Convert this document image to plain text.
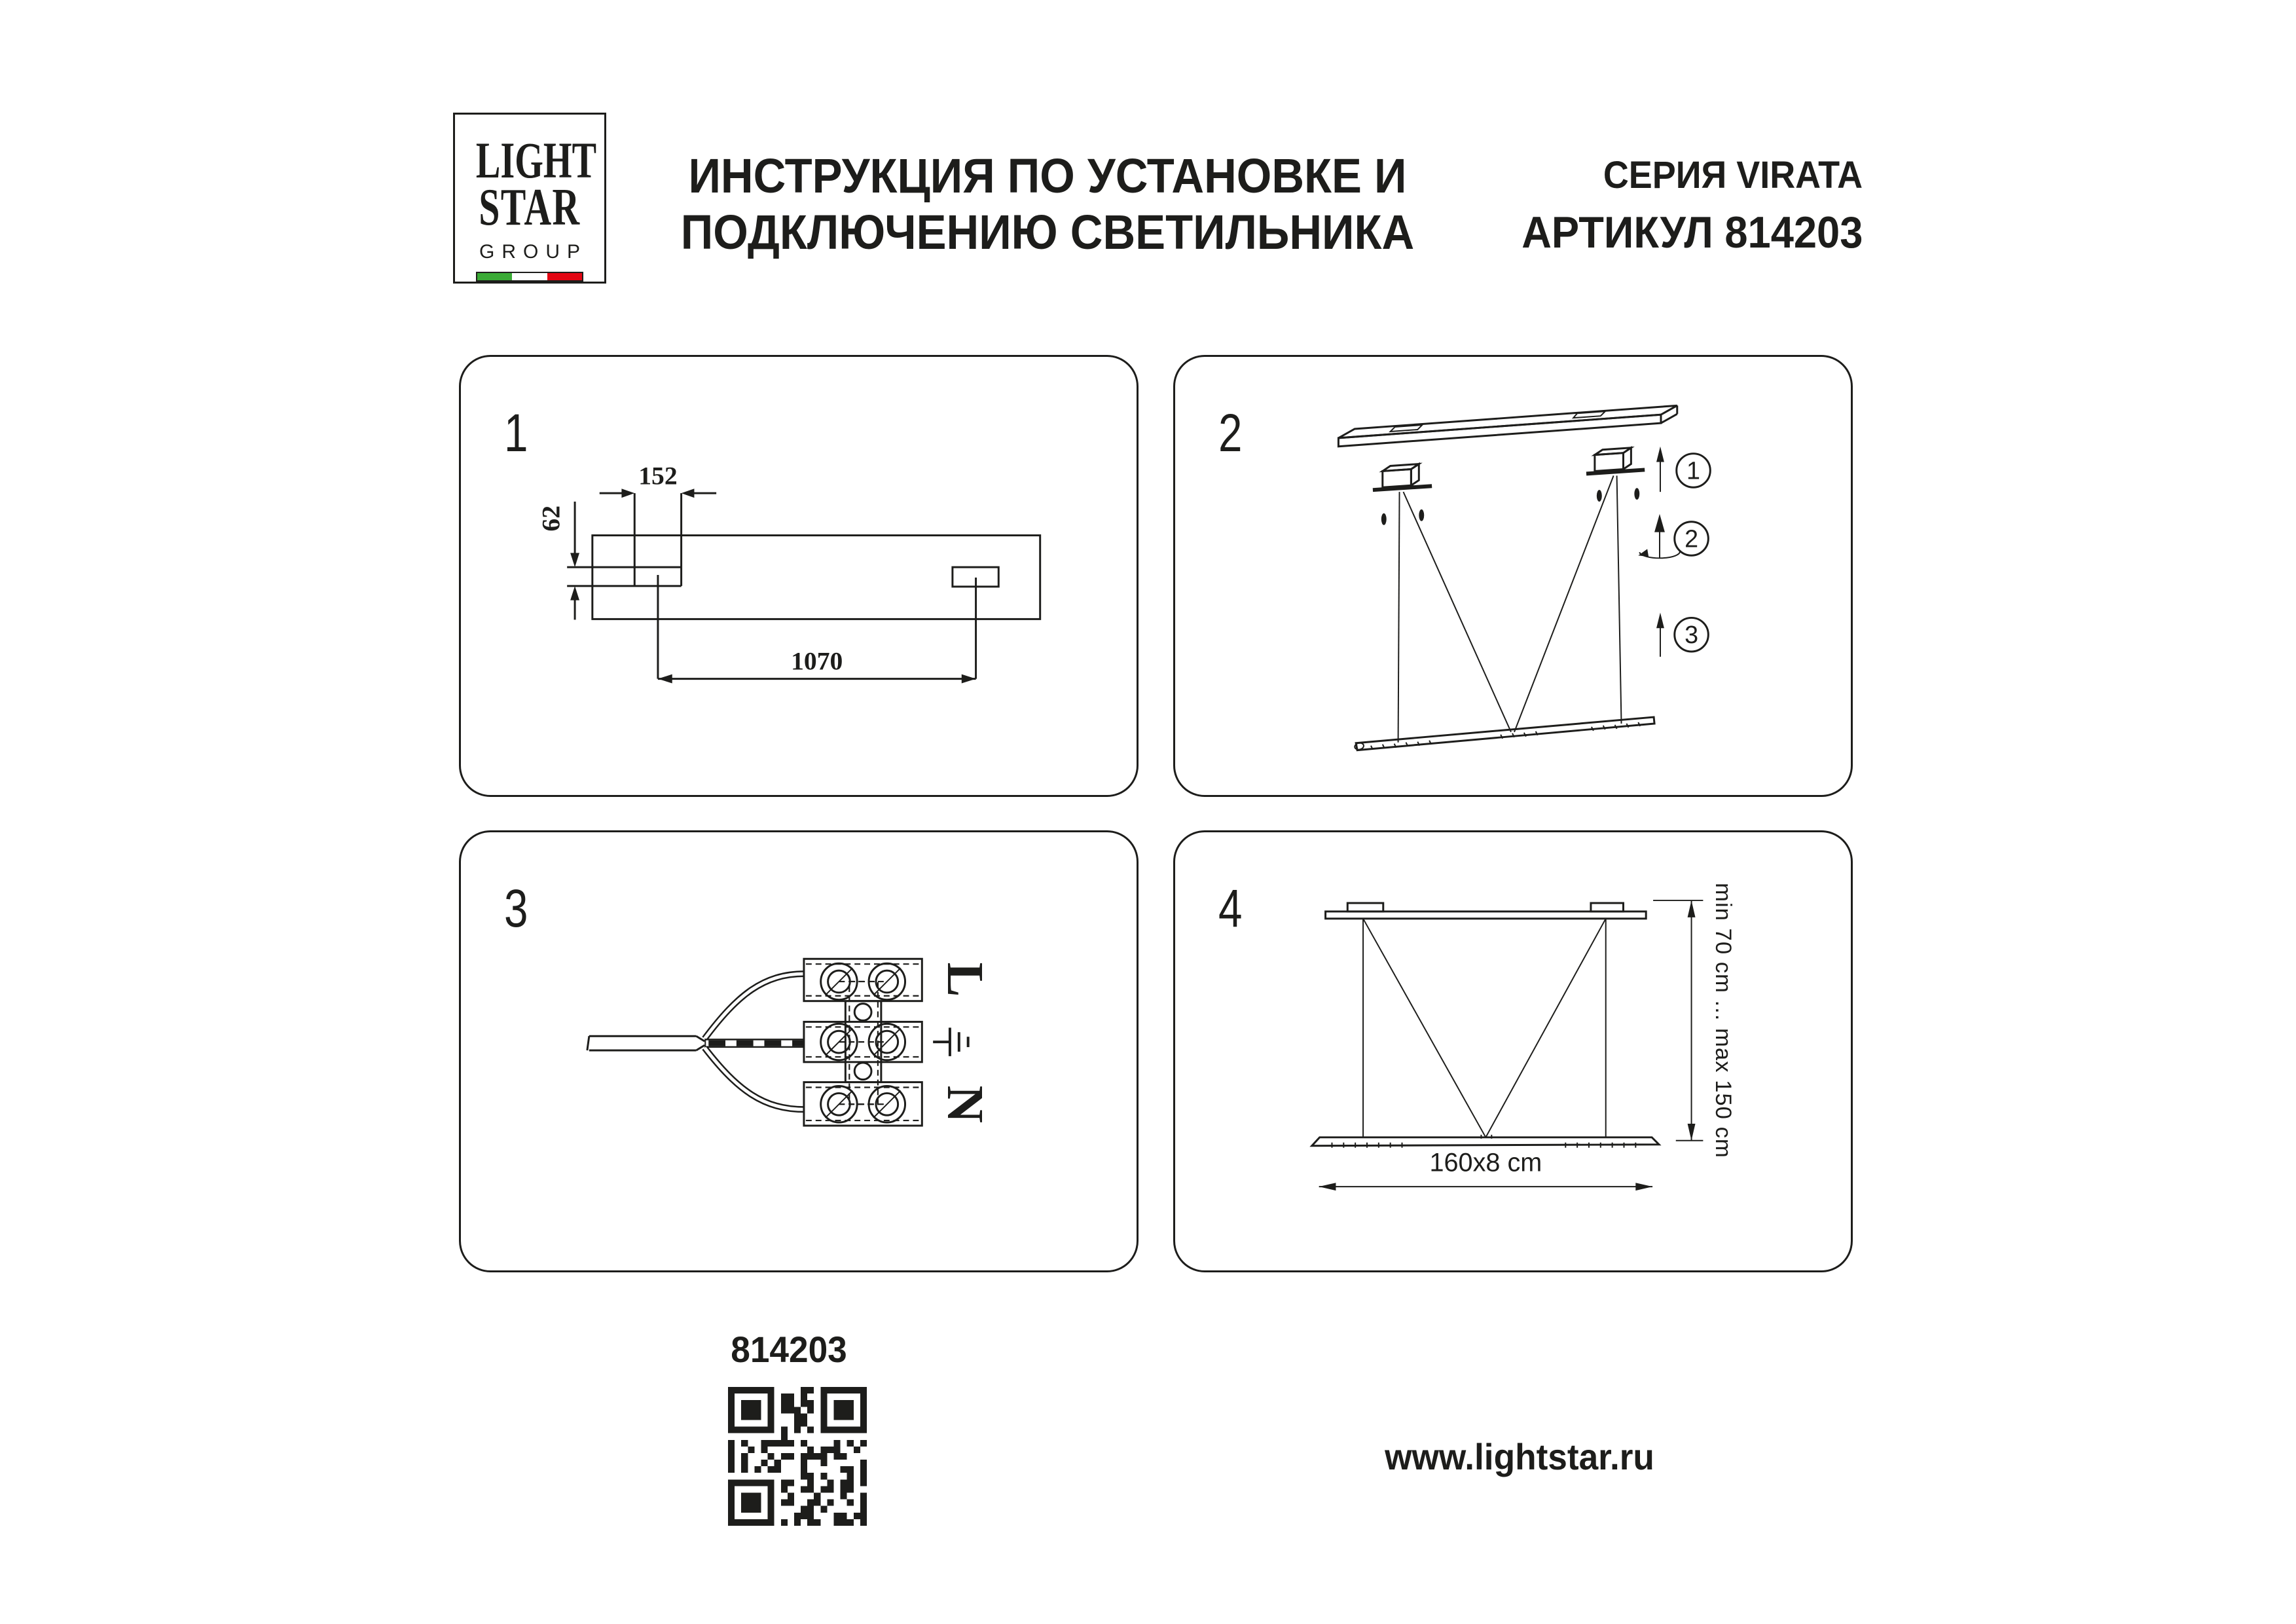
LIGHT
STAR
GROUP
ИНСТРУКЦИЯ ПО УСТАНОВКЕ И
ПОДКЛЮЧЕНИЮ СВЕТИЛЬНИКА
СЕРИЯ VIRATA
АРТИКУЛ 814203
1
152
62
1070
2
1
2
3
3
L
N
4	min 70 cm ... max 150 cm
160x8 cm
814203
www.lightstar.ru
